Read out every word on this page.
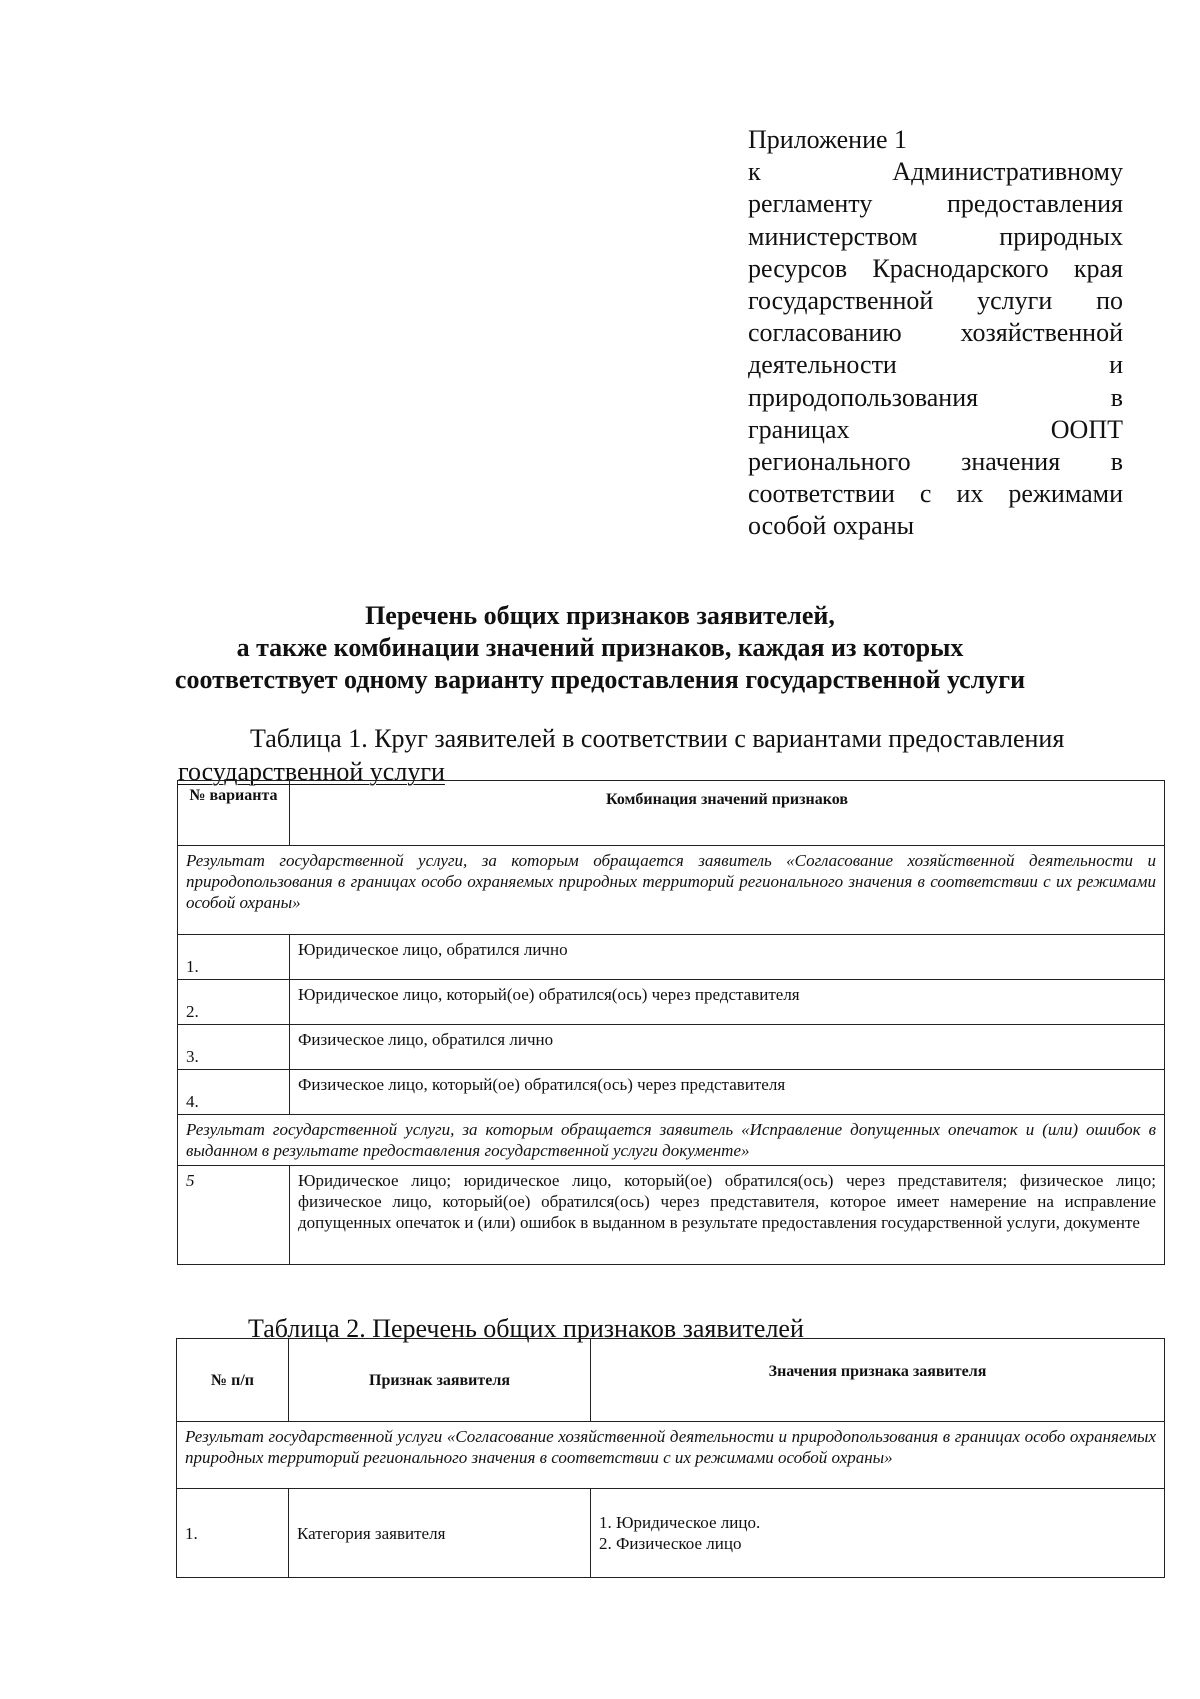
Приложение 1
к Административному
регламенту предоставления
министерством природных
ресурсов Краснодарского края
государственной услуги по
согласованию хозяйственной
деятельности и
природопользования в
границах ООПТ
регионального значения в
соответствии с их режимами
особой охраны
Перечень общих признаков заявителей,
а также комбинации значений признаков, каждая из которых
соответствует одному варианту предоставления государственной услуги
Таблица 1. Круг заявителей в соответствии с вариантами предоставления
государственной услуги
№ варианта	Комбинация значений признаков
Результат государственной услуги, за которым обращается заявитель «Согласование хозяйственной деятельности и природопользования в границах особо охраняемых природных территорий регионального значения в соответствии с их режимами особой охраны»	
1.	Юридическое лицо, обратился лично
2.	Юридическое лицо, который(ое) обратился(ось) через представителя
3.	Физическое лицо, обратился лично
4.	Физическое лицо, который(ое) обратился(ось) через представителя
Результат государственной услуги, за которым обращается заявитель «Исправление допущенных опечаток и (или) ошибок в выданном в результате предоставления государственной услуги документе»	
5	Юридическое лицо; юридическое лицо, который(ое) обратился(ось) через представителя; физическое лицо; физическое лицо, который(ое) обратился(ось) через представителя, которое имеет намерение на исправление допущенных опечаток и (или) ошибок в выданном в результате предоставления государственной услуги, документе
Таблица 2. Перечень общих признаков заявителей
№ п/п	Признак заявителя	Значения признака заявителя
Результат государственной услуги «Согласование хозяйственной деятельности и природопользования в границах особо охраняемых природных территорий регионального значения в соответствии с их режимами особой охраны»		
1.	Категория заявителя	1. Юридическое лицо.
2. Физическое лицо
